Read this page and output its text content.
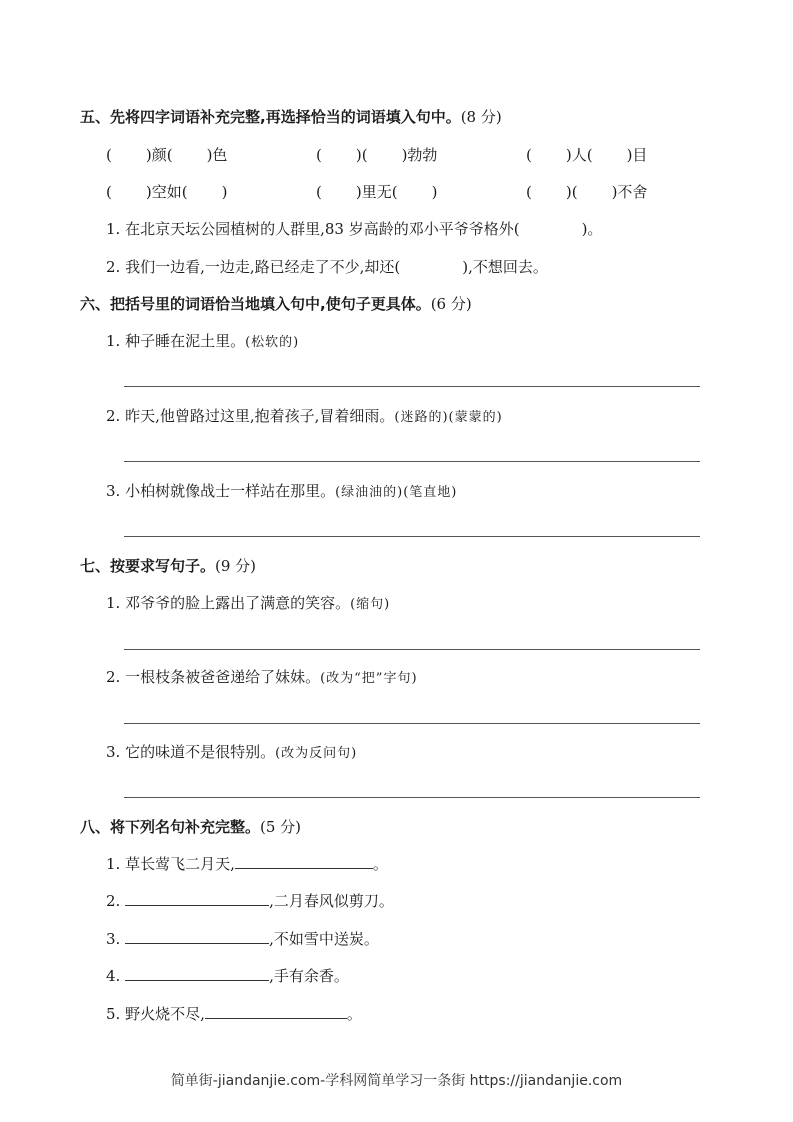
五、先将四字词语补充完整,再选择恰当的词语填入句中。(8 分)
( )颜( )色	( )( )勃勃	( )人( )目
( )空如( )	( )里无( )	( )( )不舍
1. 在北京天坛公园植树的人群里,83 岁高龄的邓小平爷爷格外(	)。
2. 我们一边看,一边走,路已经走了不少,却还(	),不想回去。
六、把括号里的词语恰当地填入句中,使句子更具体。(6 分)
1. 种子睡在泥土里。(松软的)
2. 昨天,他曾路过这里,抱着孩子,冒着细雨。(迷路的)(蒙蒙的)
3. 小柏树就像战士一样站在那里。(绿油油的)(笔直地)
七、按要求写句子。(9 分)
1. 邓爷爷的脸上露出了满意的笑容。(缩句)
2. 一根枝条被爸爸递给了妹妹。(改为“把”字句)
3. 它的味道不是很特别。(改为反问句)
八、将下列名句补充完整。(5 分)
1. 草长莺飞二月天,	。
2.	,二月春风似剪刀。
3.	,不如雪中送炭。
4.	,手有余香。
5. 野火烧不尽,	。
简单街-jiandanjie.com-学科网简单学习一条街 https://jiandanjie.com
